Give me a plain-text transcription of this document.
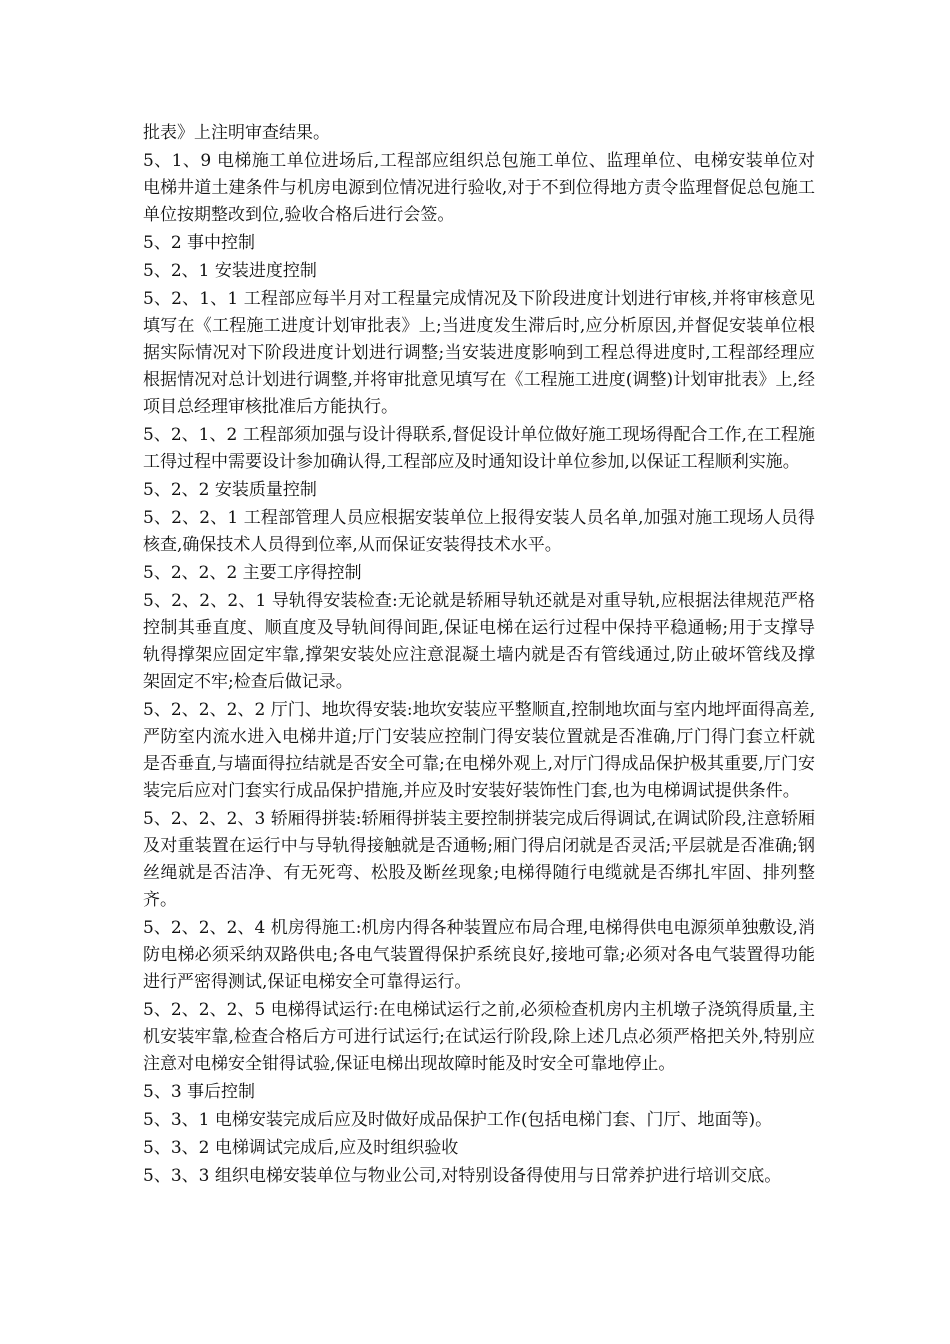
批表》上注明审查结果。

5、1、9 电梯施工单位进场后,工程部应组织总包施工单位、监理单位、电梯安装单位对电梯井道土建条件与机房电源到位情况进行验收,对于不到位得地方责令监理督促总包施工单位按期整改到位,验收合格后进行会签。

5、2 事中控制

5、2、1 安装进度控制

5、2、1、1 工程部应每半月对工程量完成情况及下阶段进度计划进行审核,并将审核意见填写在《工程施工进度计划审批表》上;当进度发生滞后时,应分析原因,并督促安装单位根据实际情况对下阶段进度计划进行调整;当安装进度影响到工程总得进度时,工程部经理应根据情况对总计划进行调整,并将审批意见填写在《工程施工进度(调整)计划审批表》上,经项目总经理审核批准后方能执行。

5、2、1、2 工程部须加强与设计得联系,督促设计单位做好施工现场得配合工作,在工程施工得过程中需要设计参加确认得,工程部应及时通知设计单位参加,以保证工程顺利实施。

5、2、2 安装质量控制

5、2、2、1 工程部管理人员应根据安装单位上报得安装人员名单,加强对施工现场人员得核查,确保技术人员得到位率,从而保证安装得技术水平。

5、2、2、2 主要工序得控制

5、2、2、2、1 导轨得安装检查:无论就是轿厢导轨还就是对重导轨,应根据法律规范严格控制其垂直度、顺直度及导轨间得间距,保证电梯在运行过程中保持平稳通畅;用于支撑导轨得撑架应固定牢靠,撑架安装处应注意混凝土墙内就是否有管线通过,防止破坏管线及撑架固定不牢;检查后做记录。

5、2、2、2、2 厅门、地坎得安装:地坎安装应平整顺直,控制地坎面与室内地坪面得高差,严防室内流水进入电梯井道;厅门安装应控制门得安装位置就是否准确,厅门得门套立杆就是否垂直,与墙面得拉结就是否安全可靠;在电梯外观上,对厅门得成品保护极其重要,厅门安装完后应对门套实行成品保护措施,并应及时安装好装饰性门套,也为电梯调试提供条件。

5、2、2、2、3 轿厢得拼装:轿厢得拼装主要控制拼装完成后得调试,在调试阶段,注意轿厢及对重装置在运行中与导轨得接触就是否通畅;厢门得启闭就是否灵活;平层就是否准确;钢丝绳就是否洁净、有无死弯、松股及断丝现象;电梯得随行电缆就是否绑扎牢固、排列整齐。

5、2、2、2、4 机房得施工:机房内得各种装置应布局合理,电梯得供电电源须单独敷设,消防电梯必须采纳双路供电;各电气装置得保护系统良好,接地可靠;必须对各电气装置得功能进行严密得测试,保证电梯安全可靠得运行。

5、2、2、2、5 电梯得试运行:在电梯试运行之前,必须检查机房内主机墩子浇筑得质量,主机安装牢靠,检查合格后方可进行试运行;在试运行阶段,除上述几点必须严格把关外,特别应注意对电梯安全钳得试验,保证电梯出现故障时能及时安全可靠地停止。

5、3 事后控制

5、3、1 电梯安装完成后应及时做好成品保护工作(包括电梯门套、门厅、地面等)。

5、3、2 电梯调试完成后,应及时组织验收

5、3、3 组织电梯安装单位与物业公司,对特别设备得使用与日常养护进行培训交底。
